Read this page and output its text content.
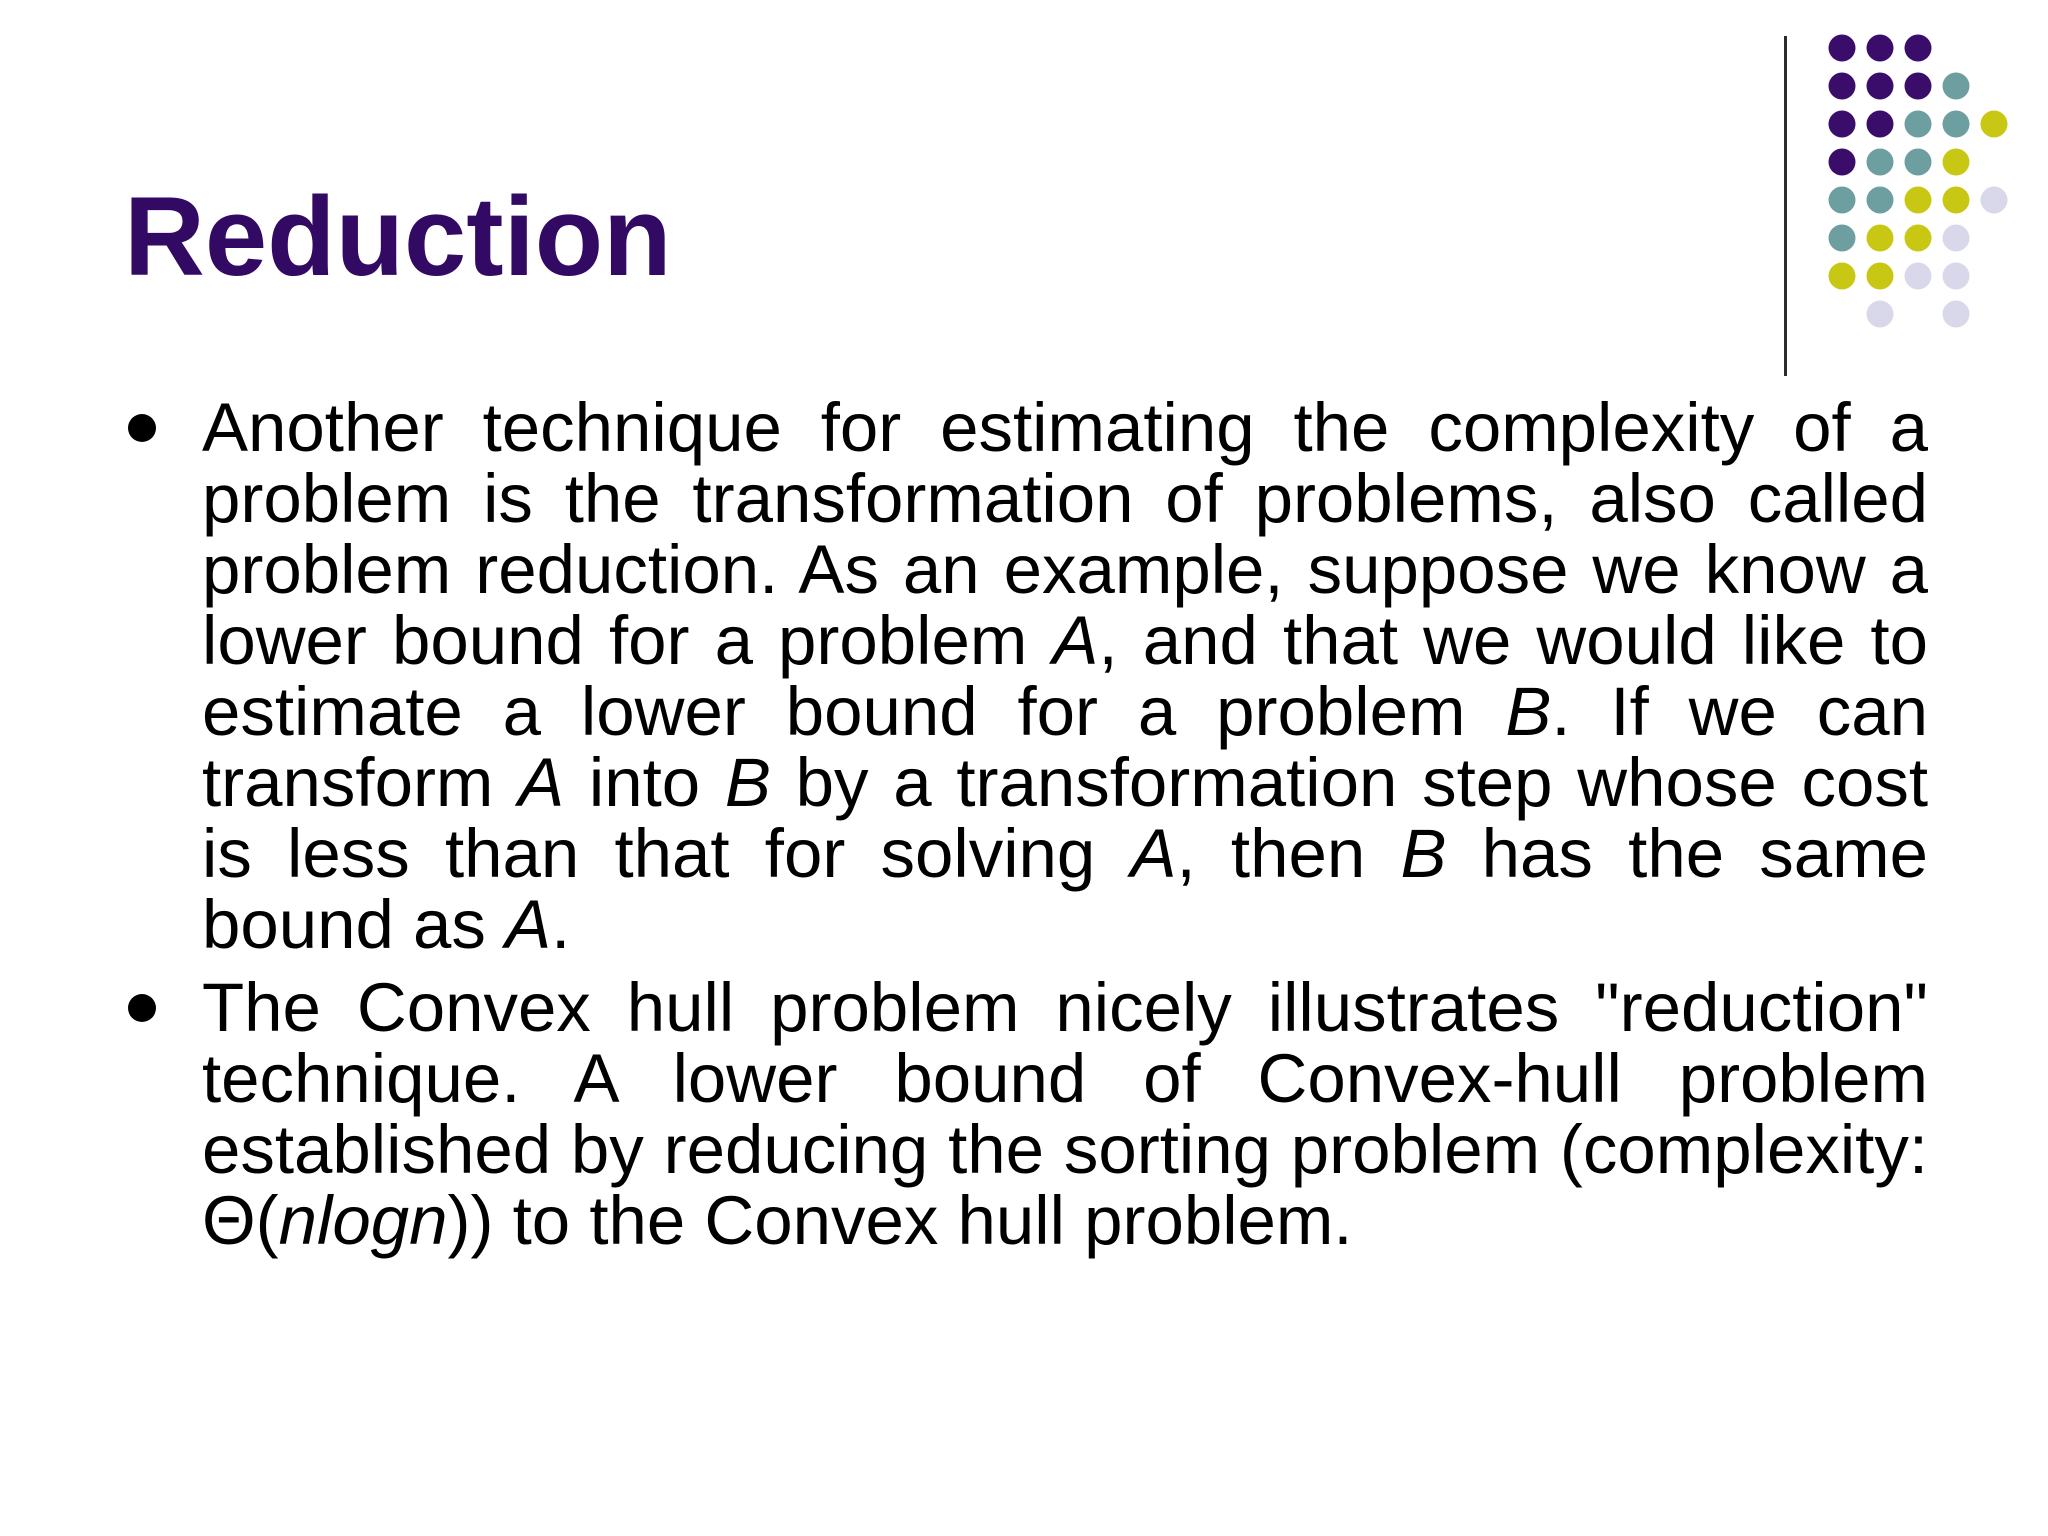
Reduction
Another technique for estimating the complexity of a problem is the transformation of problems, also called problem reduction. As an example, suppose we know a lower bound for a problem A, and that we would like to estimate a lower bound for a problem B. If we can transform A into B by a transformation step whose cost is less than that for solving A, then B has the same bound as A.
The Convex hull problem nicely illustrates "reduction" technique. A lower bound of Convex-hull problem established by reducing the sorting problem (complexity: Θ(nlogn)) to the Convex hull problem.
